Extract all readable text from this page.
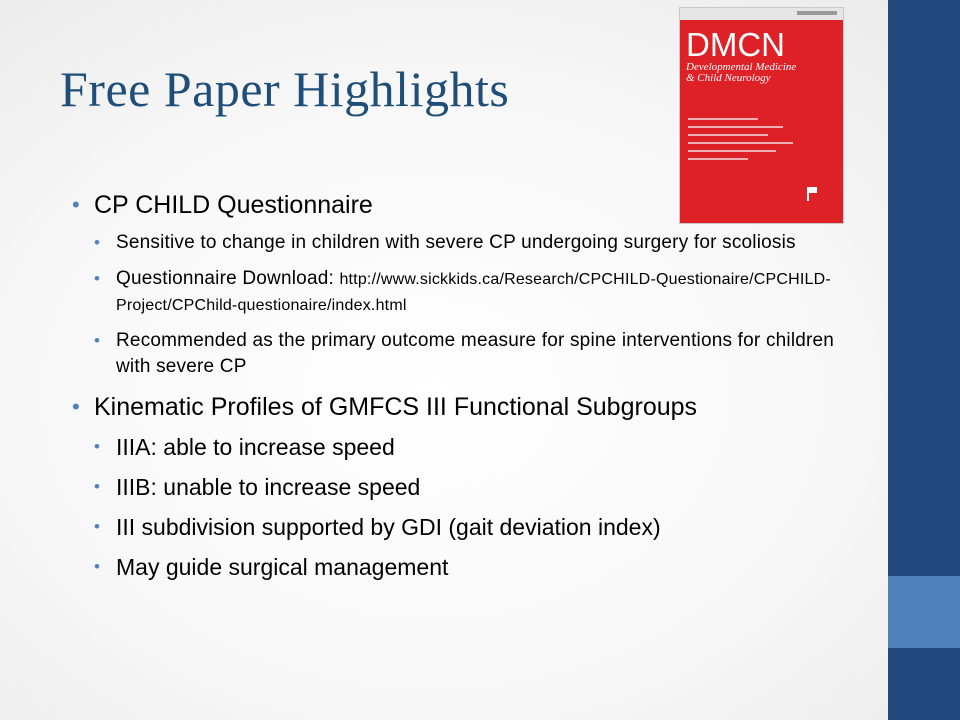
Free Paper Highlights
DMCN
Developmental Medicine
& Child Neurology
• CP CHILD Questionnaire
• Sensitive to change in children with severe CP undergoing surgery for scoliosis
• Questionnaire Download: http://www.sickkids.ca/Research/CPCHILD-Questionaire/CPCHILD-Project/CPChild-questionaire/index.html
• Recommended as the primary outcome measure for spine interventions for children with severe CP
• Kinematic Profiles of GMFCS III Functional Subgroups
• IIIA: able to increase speed
• IIIB: unable to increase speed
• III subdivision supported by GDI (gait deviation index)
• May guide surgical management
